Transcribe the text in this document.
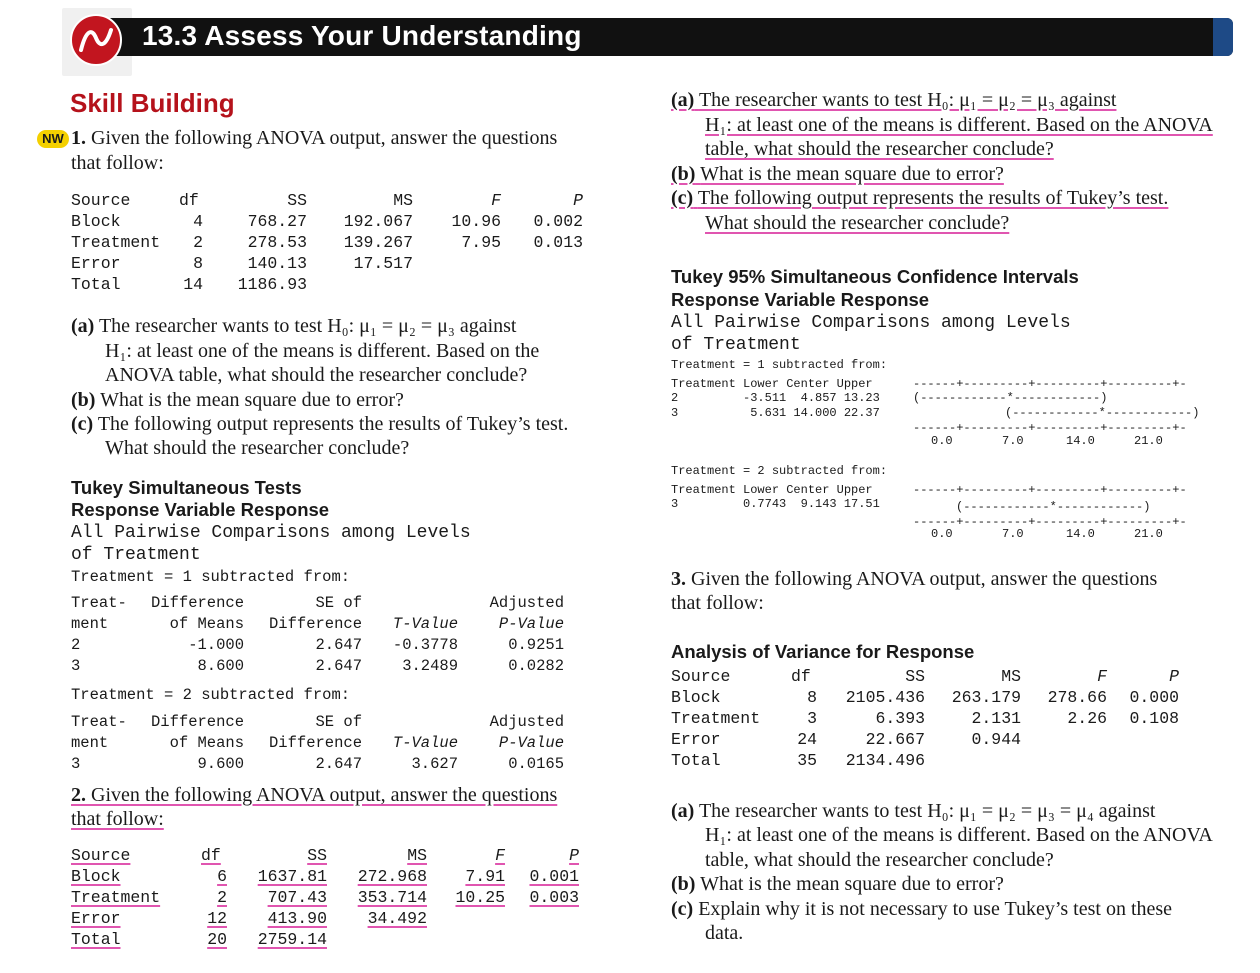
13.3 Assess Your Understanding
Skill Building
NW 1. Given the following ANOVA output, answer the questions
that follow:
Source	df	SS	MS	F	P
Block	4	768.27	192.067	10.96	0.002
Treatment	2	278.53	139.267	7.95	0.013
Error	8	140.13	17.517		
Total	14	1186.93			
(a) The researcher wants to test H₀: μ₁ = μ₂ = μ₃ against
H₁: at least one of the means is different. Based on the
ANOVA table, what should the researcher conclude?
(b) What is the mean square due to error?
(c) The following output represents the results of Tukey’s test.
What should the researcher conclude?
Tukey Simultaneous Tests
Response Variable Response
All Pairwise Comparisons among Levels
of Treatment
Treatment = 1 subtracted from:
Treat-	Difference	SE of		Adjusted
ment	of Means	Difference	T-Value	P-Value
2	-1.000	2.647	-0.3778	0.9251
3	8.600	2.647	3.2489	0.0282
Treatment = 2 subtracted from:
Treat-	Difference	SE of		Adjusted
ment	of Means	Difference	T-Value	P-Value
3	9.600	2.647	3.627	0.0165
2. Given the following ANOVA output, answer the questions
that follow:
Source	df	SS	MS	F	P
Block	6	1637.81	272.968	7.91	0.001
Treatment	2	707.43	353.714	10.25	0.003
Error	12	413.90	34.492		
Total	20	2759.14			
(a) The researcher wants to test H₀: μ₁ = μ₂ = μ₃ against
H₁: at least one of the means is different. Based on the ANOVA
table, what should the researcher conclude?
(b) What is the mean square due to error?
(c) The following output represents the results of Tukey’s test.
What should the researcher conclude?
Tukey 95% Simultaneous Confidence Intervals
Response Variable Response
All Pairwise Comparisons among Levels
of Treatment
Treatment = 1 subtracted from:
Treatment Lower Center Upper
2         -3.511  4.857 13.23
3          5.631 14.000 22.37
------+---------+---------+---------+-
(------------*------------)
(------------*------------)
------+---------+---------+---------+-
0.0	7.0	14.0	21.0
Treatment = 2 subtracted from:
Treatment Lower Center Upper
3         0.7743  9.143 17.51
------+---------+---------+---------+-
(------------*------------)
------+---------+---------+---------+-
0.0	7.0	14.0	21.0
3. Given the following ANOVA output, answer the questions
that follow:
Analysis of Variance for Response
Source	df	SS	MS	F	P
Block	8	2105.436	263.179	278.66	0.000
Treatment	3	6.393	2.131	2.26	0.108
Error	24	22.667	0.944		
Total	35	2134.496			
(a) The researcher wants to test H₀: μ₁ = μ₂ = μ₃ = μ₄ against
H₁: at least one of the means is different. Based on the ANOVA
table, what should the researcher conclude?
(b) What is the mean square due to error?
(c) Explain why it is not necessary to use Tukey’s test on these
data.
